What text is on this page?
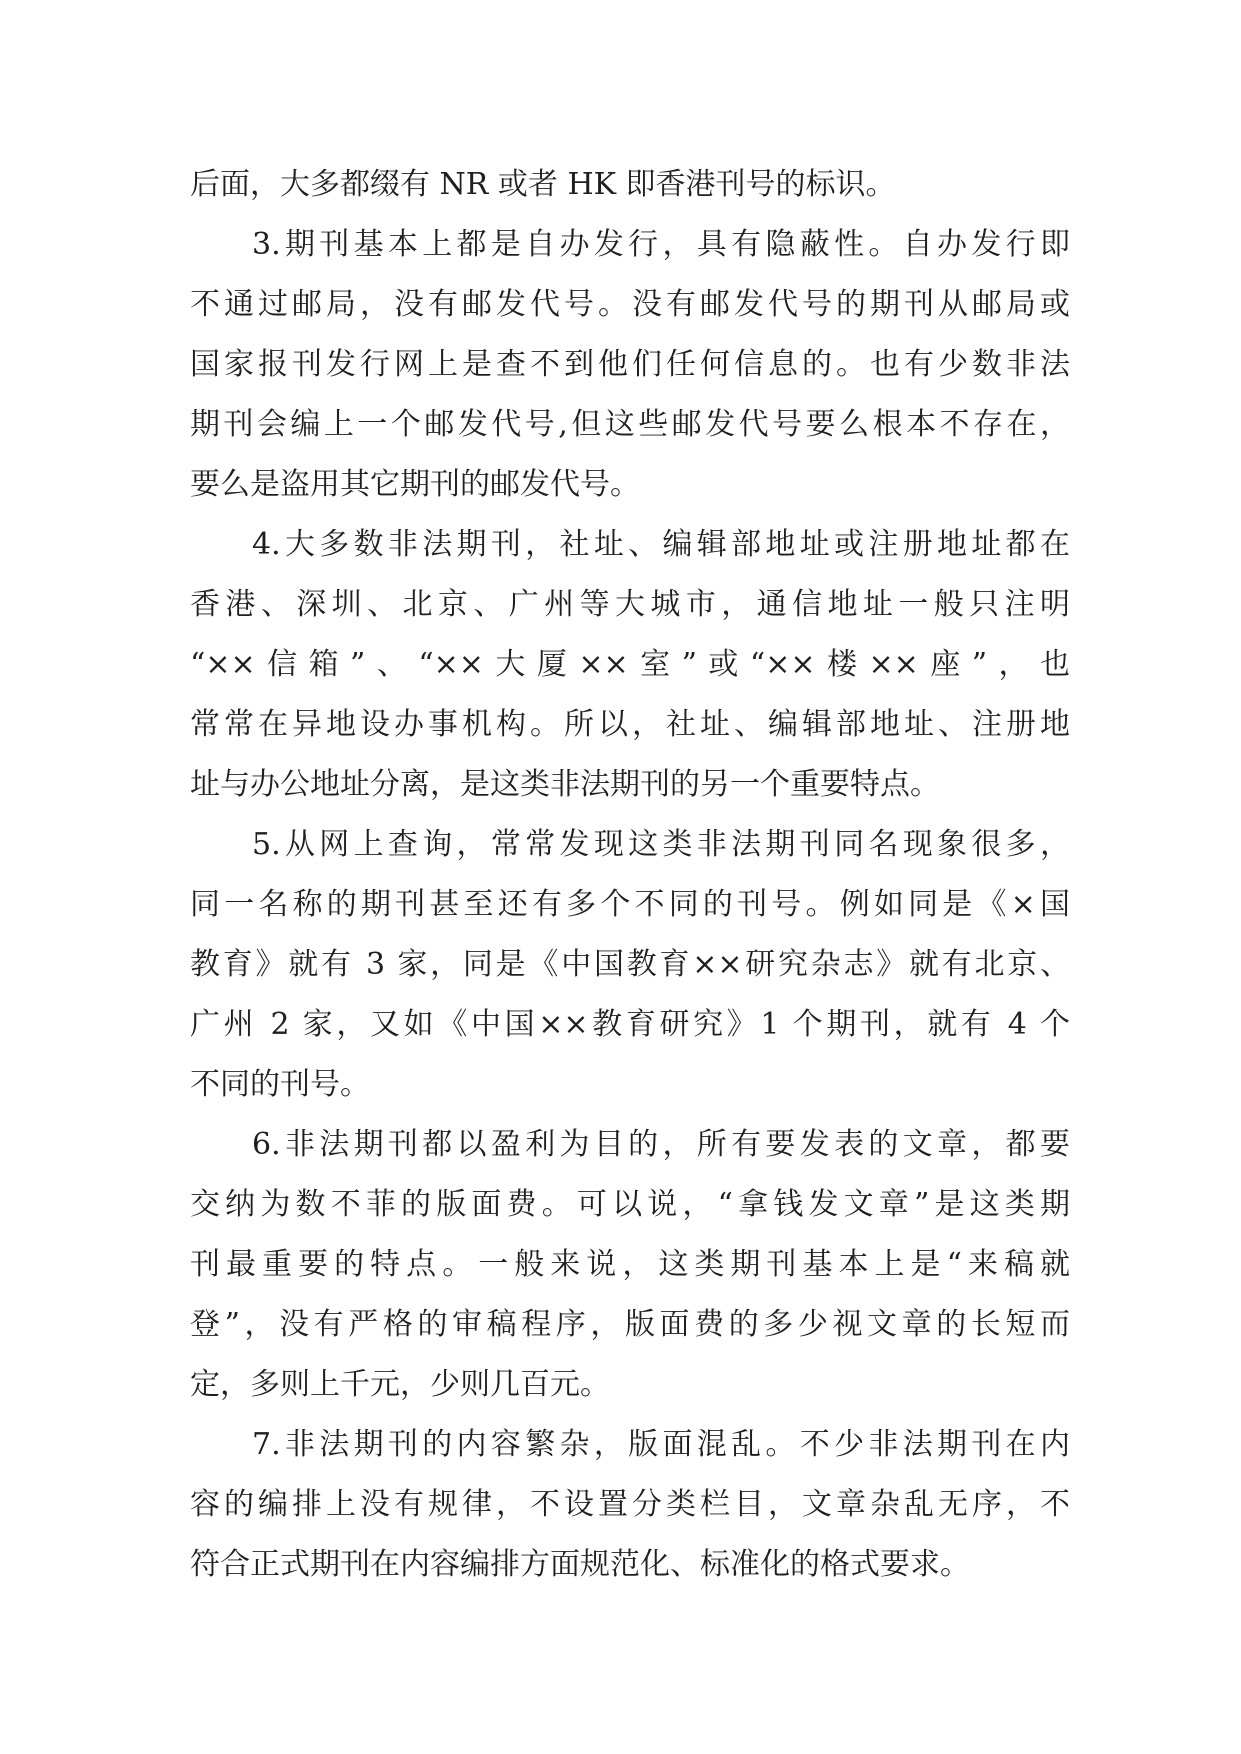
后面，大多都缀有 NR 或者 HK 即香港刊号的标识。
3.期刊基本上都是自办发行，具有隐蔽性。自办发行即
不通过邮局，没有邮发代号。没有邮发代号的期刊从邮局或
国家报刊发行网上是查不到他们任何信息的。也有少数非法
期刊会编上一个邮发代号,但这些邮发代号要么根本不存在，
要么是盗用其它期刊的邮发代号。
4.大多数非法期刊，社址、编辑部地址或注册地址都在
香港、深圳、北京、广州等大城市，通信地址一般只注明
“××信箱”、“××大厦××室”或“××楼××座”，也
常常在异地设办事机构。所以，社址、编辑部地址、注册地
址与办公地址分离，是这类非法期刊的另一个重要特点。
5.从网上查询，常常发现这类非法期刊同名现象很多，
同一名称的期刊甚至还有多个不同的刊号。例如同是《×国
教育》就有 3 家，同是《中国教育××研究杂志》就有北京、
广州 2 家，又如《中国××教育研究》1 个期刊，就有 4 个
不同的刊号。
6.非法期刊都以盈利为目的，所有要发表的文章，都要
交纳为数不菲的版面费。可以说，“拿钱发文章”是这类期
刊最重要的特点。一般来说，这类期刊基本上是“来稿就
登”，没有严格的审稿程序，版面费的多少视文章的长短而
定，多则上千元，少则几百元。
7.非法期刊的内容繁杂，版面混乱。不少非法期刊在内
容的编排上没有规律，不设置分类栏目，文章杂乱无序，不
符合正式期刊在内容编排方面规范化、标准化的格式要求。
